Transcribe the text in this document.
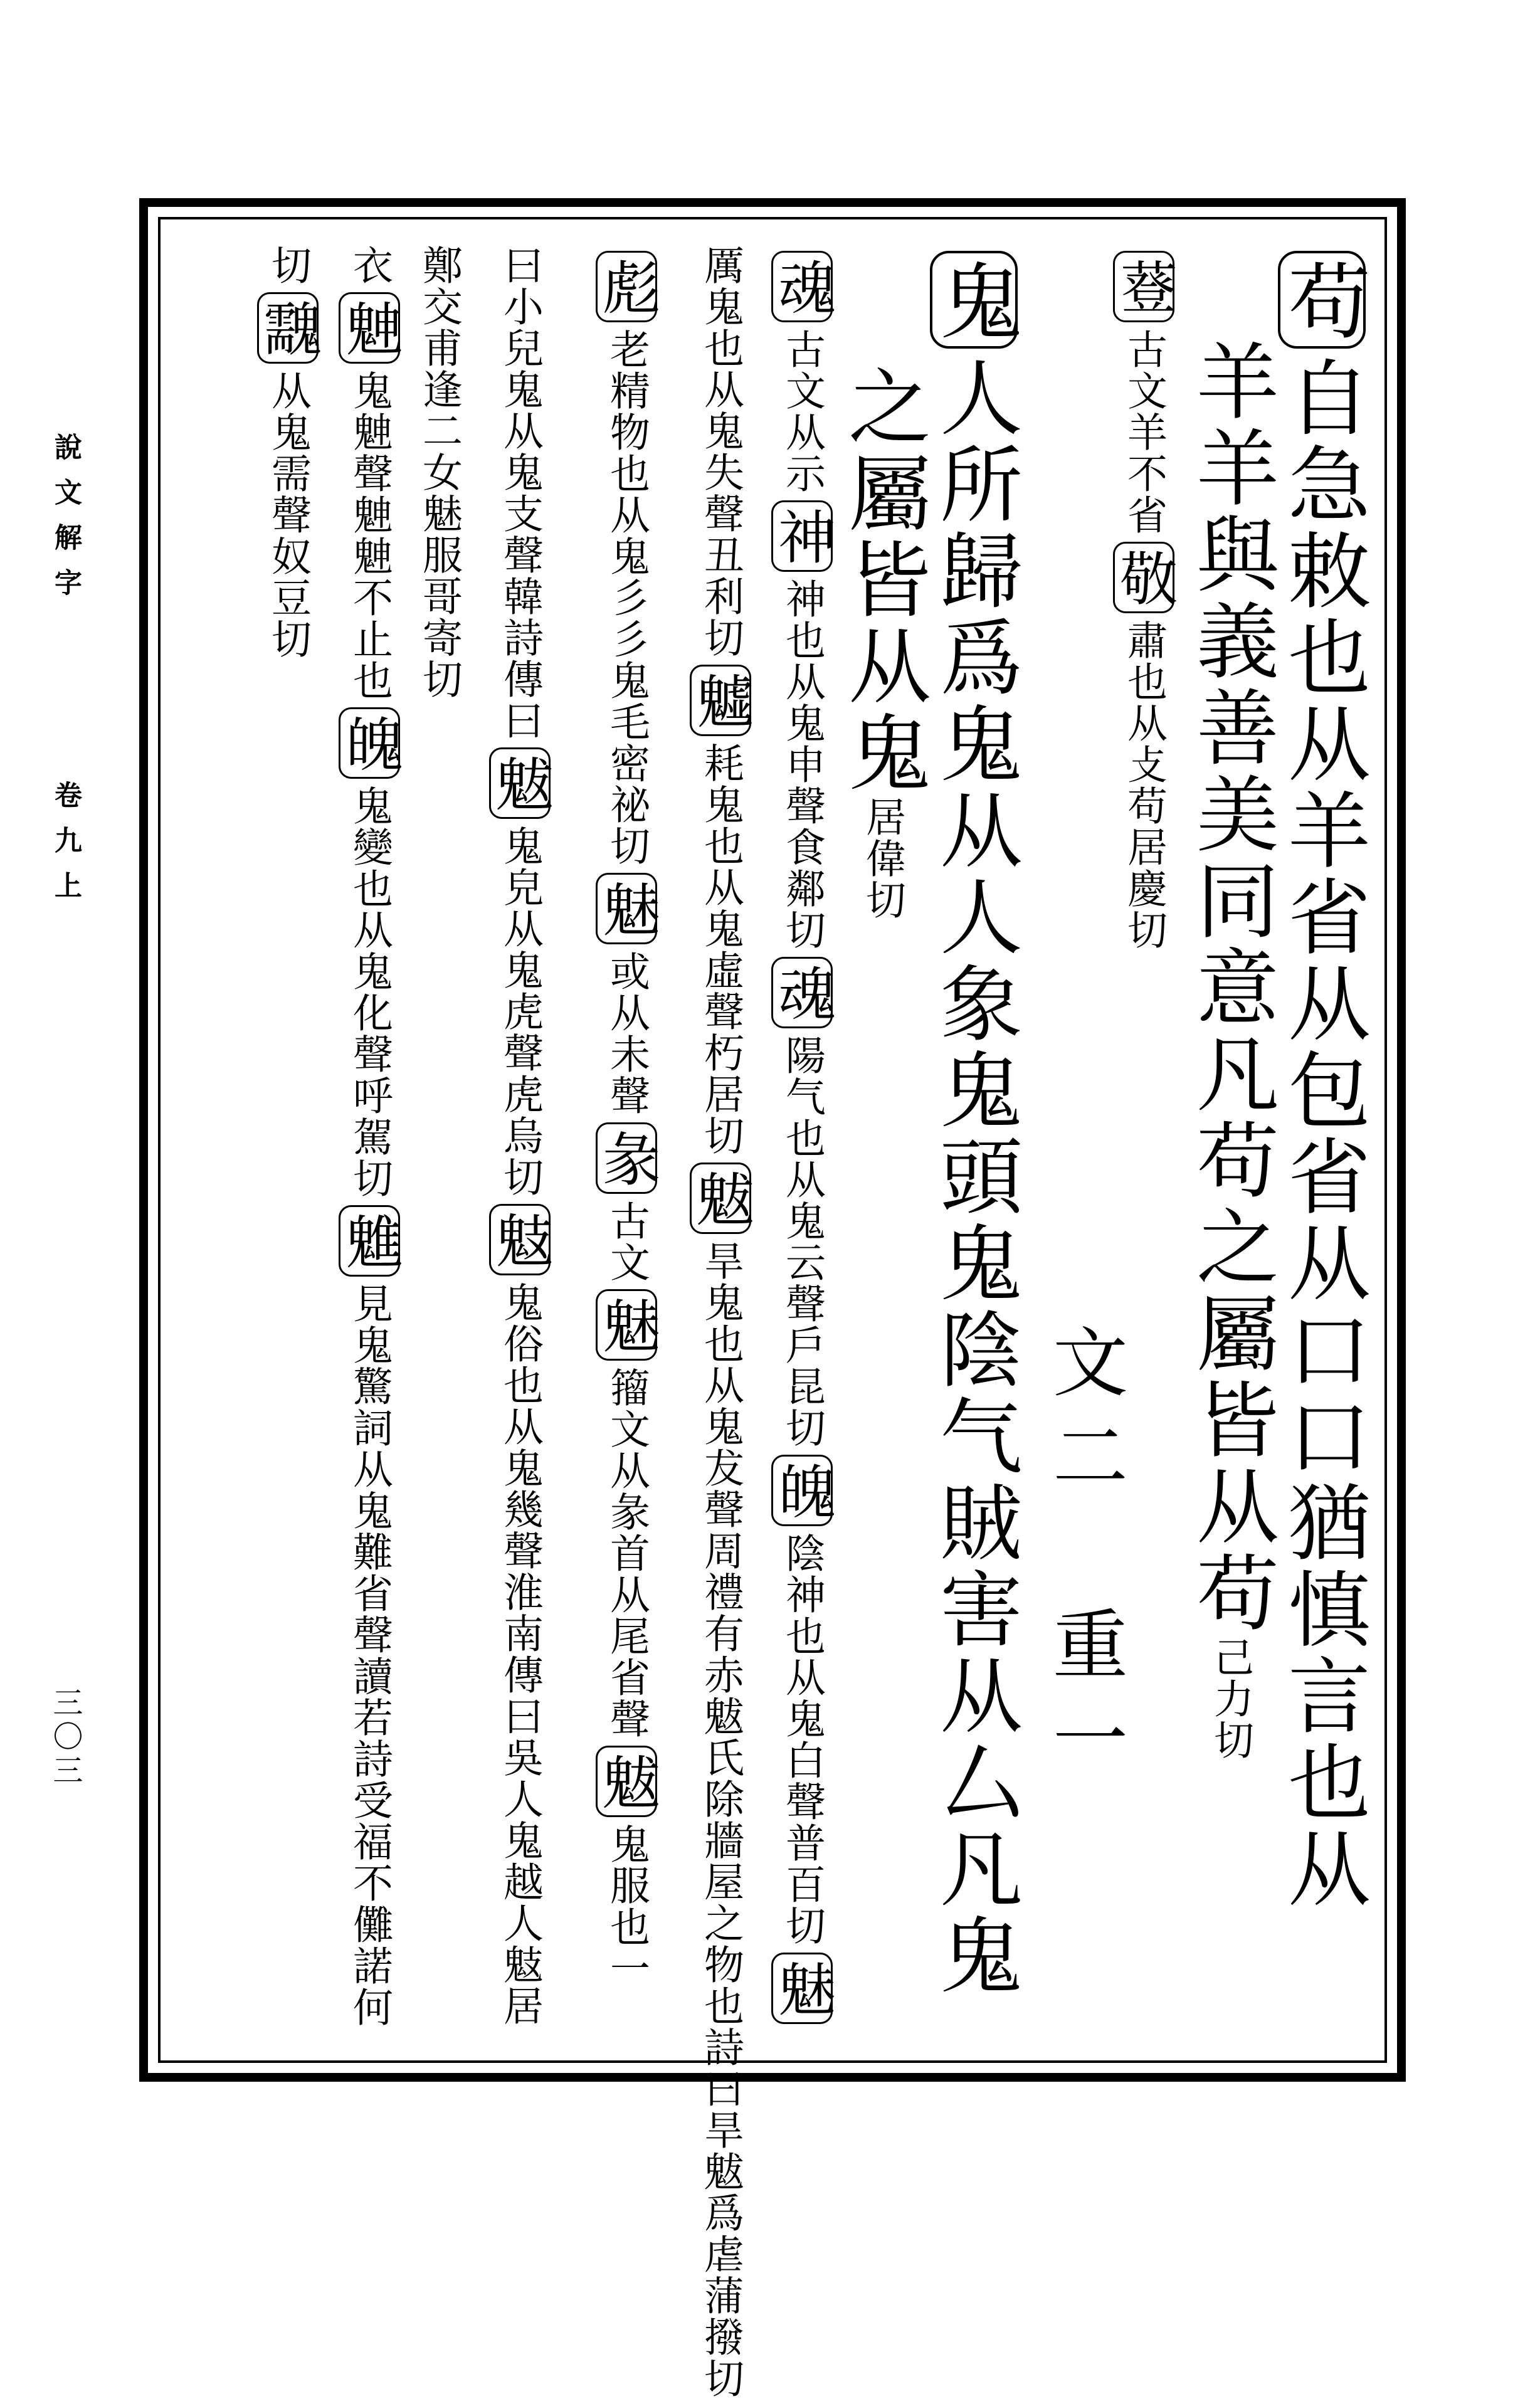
說文解字
卷九上
三〇三
苟自急敕也从羊省从包省从口口猶慎言也从
羊羊與義善美同意凡苟之屬皆从苟己力切
䔲古文羊不省敬肅也从攴苟居慶切
文二　重一
鬼人所歸爲鬼从人象鬼頭鬼陰气賊害从厶凡鬼
之屬皆从鬼居偉切
魂古文从示神神也从鬼申聲食鄰切魂陽气也从鬼云聲戶昆切魄陰神也从鬼白聲普百切魅
厲鬼也从鬼失聲丑利切魖耗鬼也从鬼虛聲朽居切魃旱鬼也从鬼犮聲周禮有赤魃氏除牆屋之物也詩曰旱魃爲虐蒲撥切
彪老精物也从鬼彡彡鬼毛密祕切魅或从未聲彖古文魅籀文从彖首从尾省聲魃鬼服也一
曰小兒鬼从鬼支聲韓詩傳曰魃鬼皃从鬼虎聲虎烏切鬾鬼俗也从鬼幾聲淮南傳曰吳人鬼越人鬾居
鄭交甫逢二女魅服哥寄切
衣䰠鬼䰠聲䰠䰠不止也魄鬼變也从鬼化聲呼駕切魋見鬼驚詞从鬼難省聲讀若詩受福不儺諾何
切䰰从鬼需聲奴豆切
